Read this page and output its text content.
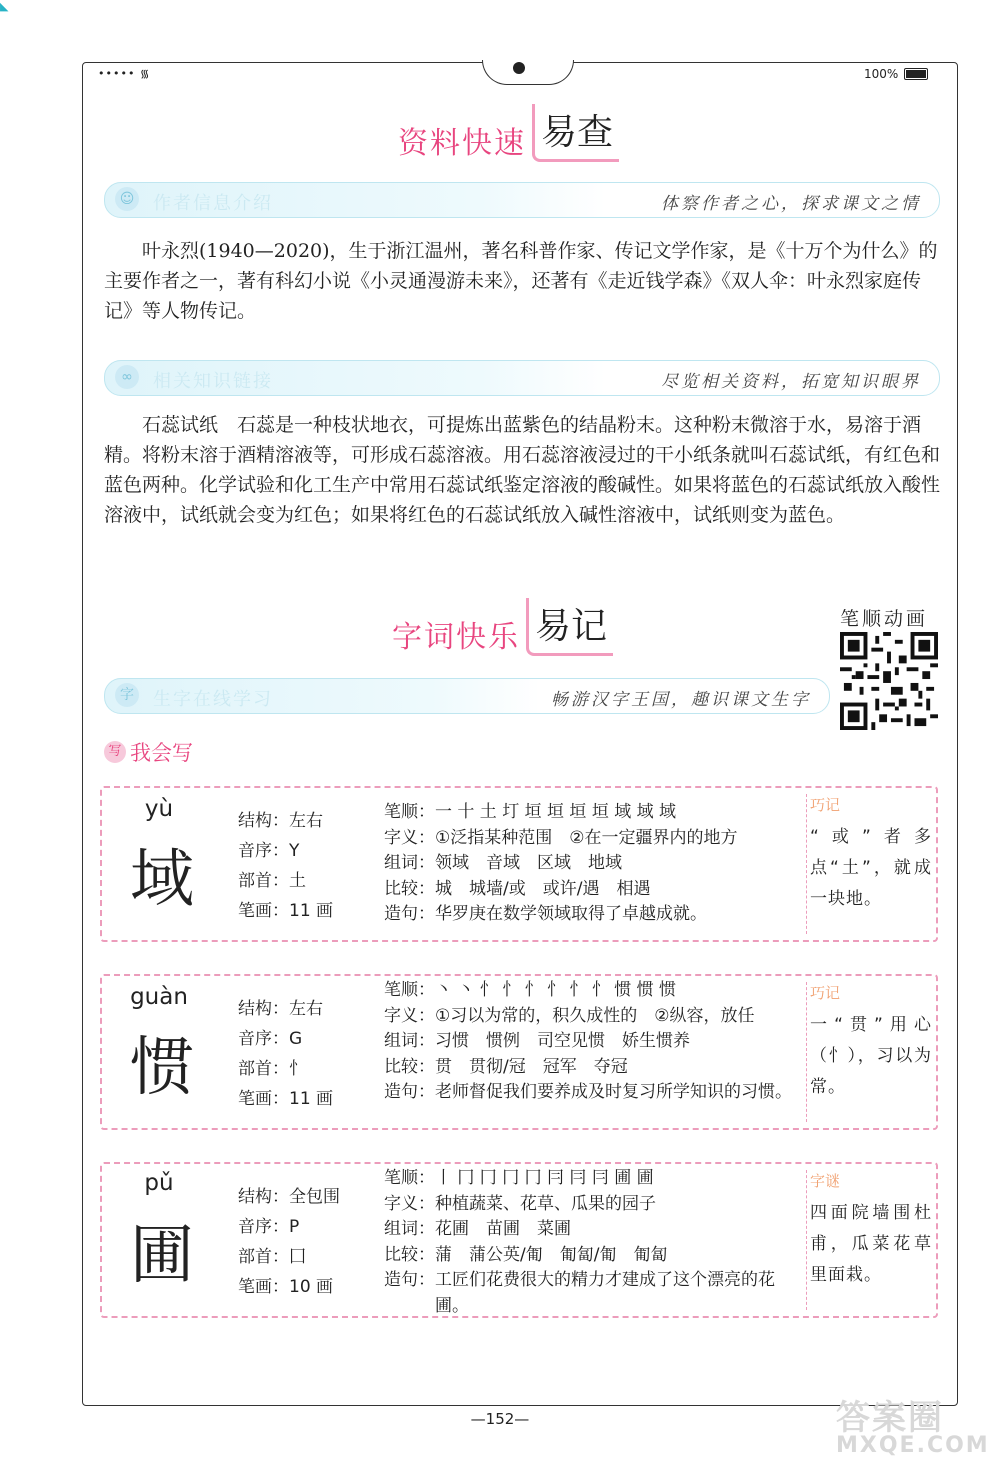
◣
••••• ᯾	100%
资料快速 易查
☺ 作者信息介绍	体察作者之心，探求课文之情
叶永烈(1940—2020)，生于浙江温州，著名科普作家、传记文学作家，是《十万个为什么》的主要作者之一，著有科幻小说《小灵通漫游未来》，还著有《走近钱学森》《双人伞：叶永烈家庭传记》等人物传记。
∞	相关知识链接	尽览相关资料，拓宽知识眼界
石蕊试纸　石蕊是一种枝状地衣，可提炼出蓝紫色的结晶粉末。这种粉末微溶于水，易溶于酒精。将粉末溶于酒精溶液等，可形成石蕊溶液。用石蕊溶液浸过的干小纸条就叫石蕊试纸，有红色和蓝色两种。化学试验和化工生产中常用石蕊试纸鉴定溶液的酸碱性。如果将蓝色的石蕊试纸放入酸性溶液中，试纸就会变为红色；如果将红色的石蕊试纸放入碱性溶液中，试纸则变为蓝色。
字词快乐 易记	笔顺动画
字 生字在线学习	畅游汉字王国，趣识课文生字
写 我会写
yù
域
结构：左右
音序：Y
部首：土
笔画：11 画
笔顺： 一 十 土 圢 垣 垣 垣 垣 域 域 域
字义： ①泛指某种范围　②在一定疆界内的地方
组词： 领域　音域　区域　地域
比较： 城　城墙/或　或许/遇　相遇
造句： 华罗庚在数学领域取得了卓越成就。
巧记
“或”者多点“土”，就成一块地。
guàn
惯
结构：左右
音序：G
部首：忄
笔画：11 画
笔顺： 丶 丶 忄 忄 忄 忄 忄 忄 惯 惯 惯
字义： ①习以为常的，积久成性的　②纵容，放任
组词： 习惯　惯例　司空见惯　娇生惯养
比较： 贯　贯彻/冠　冠军　夺冠
造句： 老师督促我们要养成及时复习所学知识的习惯。
巧记
一“贯”用心（忄），习以为常。
pǔ
圃
结构：全包围
音序：P
部首：囗
笔画：10 画
笔顺： 丨 冂 冂 冂 冂 冃 冃 冃 圃 圃
字义： 种植蔬菜、花草、瓜果的园子
组词： 花圃　苗圃　菜圃
比较： 蒲　蒲公英/匍　匍匐/匍　匍匐
造句： 工匠们花费很大的精力才建成了这个漂亮的花圃。
字谜
四面院墙围杜甫，瓜菜花草里面栽。
—152—	答案圈
MXQE.COM
